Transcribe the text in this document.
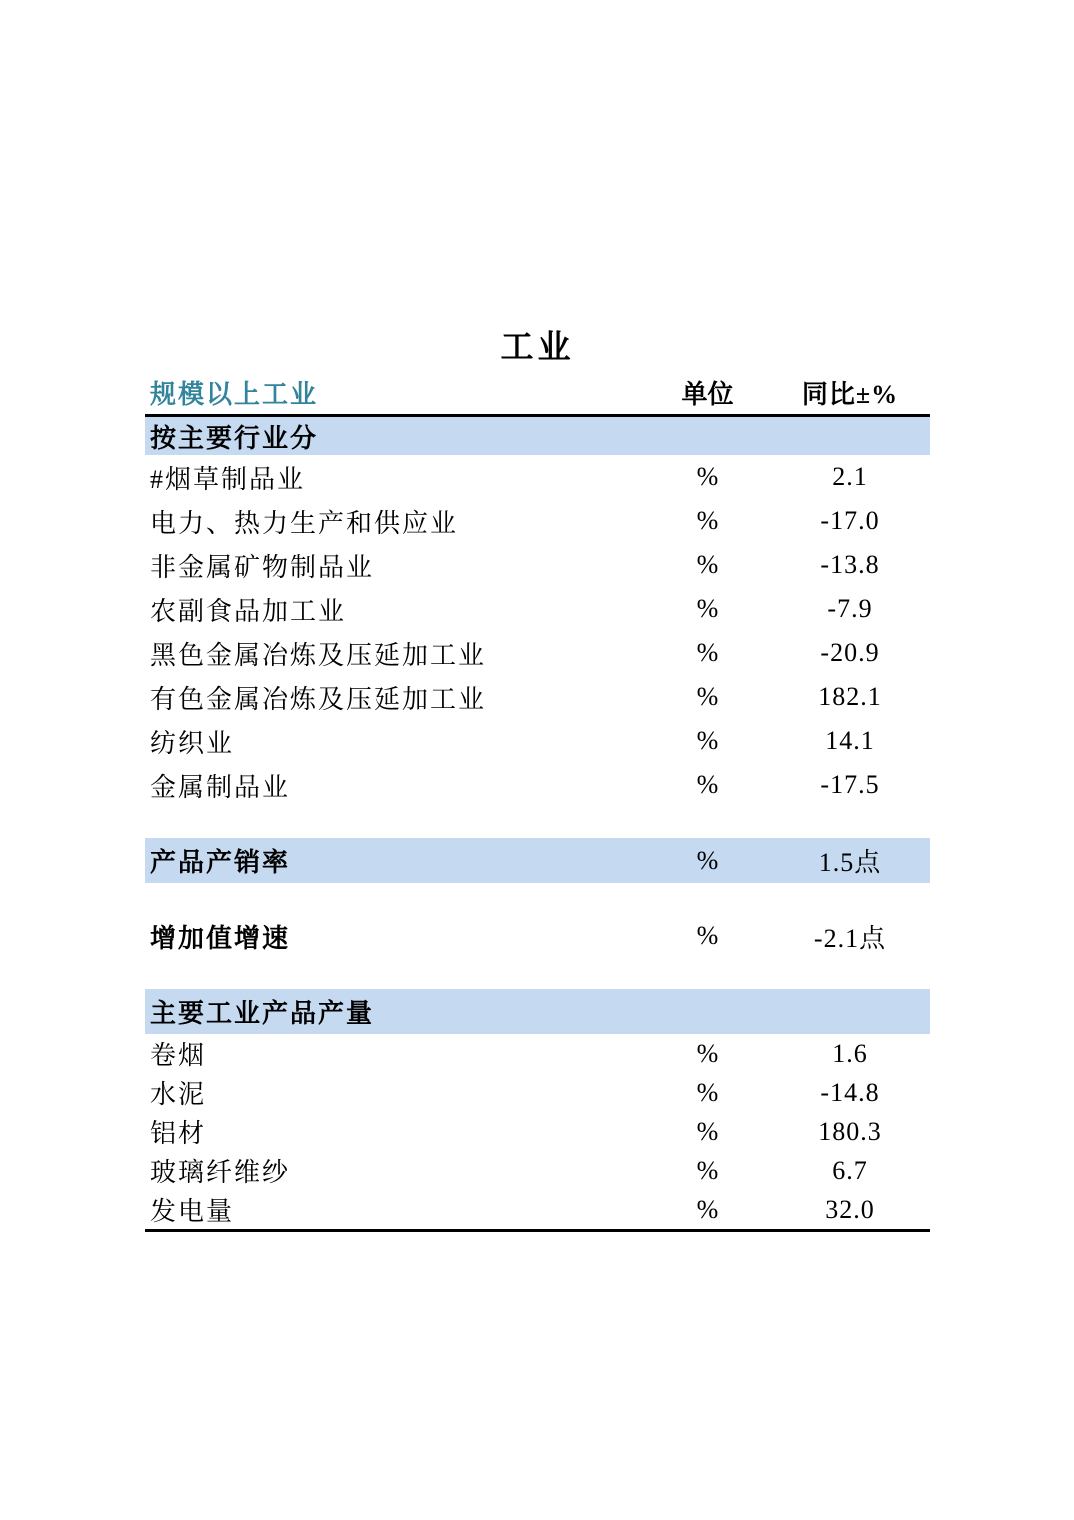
工业
规模以上工业	单位	同比±%
按主要行业分
#烟草制品业	%	2.1
电力、热力生产和供应业	%	-17.0
非金属矿物制品业	%	-13.8
农副食品加工业	%	-7.9
黑色金属冶炼及压延加工业	%	-20.9
有色金属冶炼及压延加工业	%	182.1
纺织业	%	14.1
金属制品业	%	-17.5
产品产销率	%	1.5点
增加值增速	%	-2.1点
主要工业产品产量
卷烟	%	1.6
水泥	%	-14.8
铝材	%	180.3
玻璃纤维纱	%	6.7
发电量	%	32.0
